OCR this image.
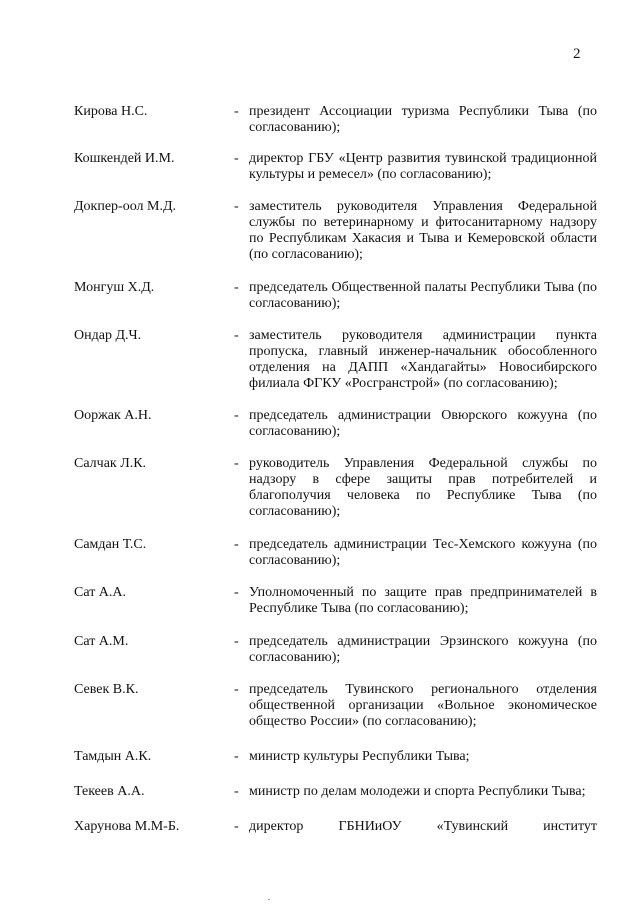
2
Кирова Н.С.	- президент Ассоциации туризма Республики Тыва (по согласованию);
Кошкендей И.М.	- директор ГБУ «Центр развития тувинской традиционной культуры и ремесел» (по согласованию);
Докпер-оол М.Д.	- заместитель руководителя Управления Федеральной службы по ветеринарному и фитосанитарному надзору по Республикам Хакасия и Тыва и Кемеровской области (по согласованию);
Монгуш Х.Д.	- председатель Общественной палаты Республики Тыва (по согласованию);
Ондар Д.Ч.	- заместитель руководителя администрации пункта пропуска, главный инженер-начальник обособленного отделения на ДАПП «Хандагайты» Новосибирского филиала ФГКУ «Росгранстрой» (по согласованию);
Ооржак А.Н.	- председатель администрации Овюрского кожууна (по согласованию);
Салчак Л.К.	- руководитель Управления Федеральной службы по надзору в сфере защиты прав потребителей и благополучия человека по Республике Тыва (по согласованию);
Самдан Т.С.	- председатель администрации Тес-Хемского кожууна (по согласованию);
Сат А.А.	- Уполномоченный по защите прав предпринимателей в Республике Тыва (по согласованию);
Сат А.М.	- председатель администрации Эрзинского кожууна (по согласованию);
Севек В.К.	- председатель Тувинского регионального отделения общественной организации «Вольное экономическое общество России» (по согласованию);
Тамдын А.К.	- министр культуры Республики Тыва;
Текеев А.А.	- министр по делам молодежи и спорта Республики Тыва;
Харунова М.М-Б.	- директор ГБНИиОУ «Тувинский институт
